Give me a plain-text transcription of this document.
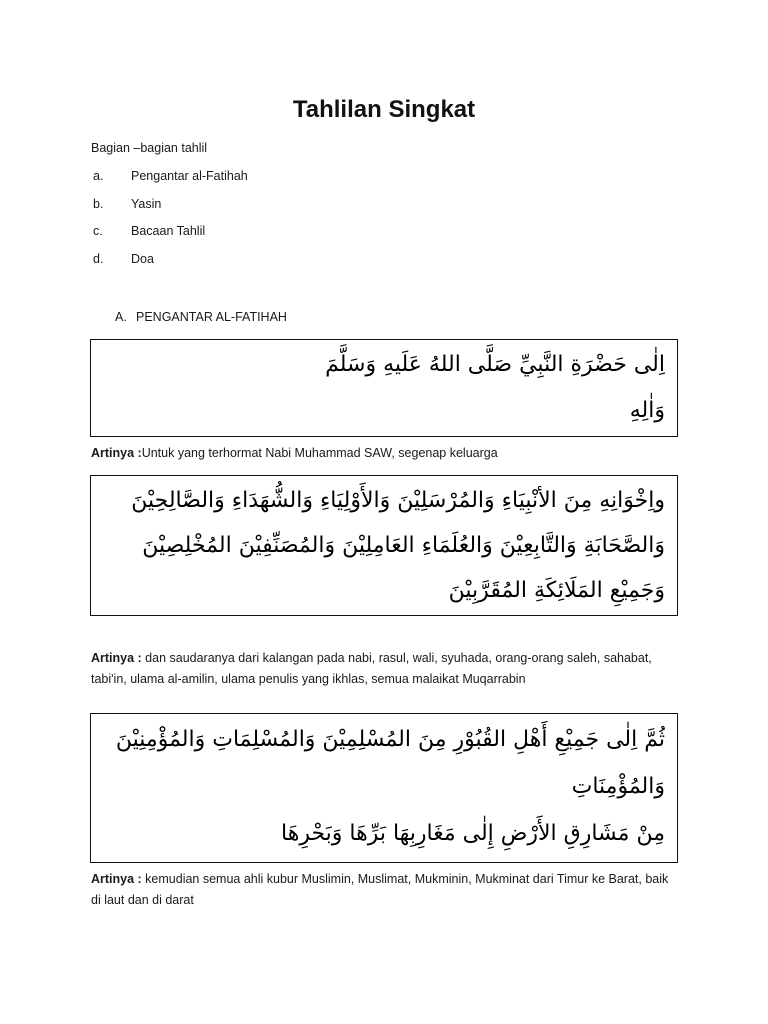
Tahlilan Singkat
Bagian –bagian tahlil
a. Pengantar al-Fatihah
b. Yasin
c. Bacaan Tahlil
d. Doa
A. PENGANTAR AL-FATIHAH
اِلٰى حَضْرَةِ النَّبِيِّ صَلَّى اللهُ عَلَيهِ وَسَلَّمَ
وَاٰلِهِ
Artinya :Untuk yang terhormat Nabi Muhammad SAW, segenap keluarga
واِخْوَانِهِ مِنَ الأنْبِيَاءِ وَالمُرْسَلِيْنَ وَالأَوْلِيَاءِ وَالشُّهَدَاءِ وَالصَّالِحِيْنَ
وَالصَّحَابَةِ وَالتَّابِعِيْنَ وَالعُلَمَاءِ العَامِلِيْنَ وَالمُصَنِّفِيْنَ المُخْلِصِيْنَ
وَجَمِيْعِ المَلَائِكَةِ المُقَرَّبِيْنَ
Artinya : dan saudaranya dari kalangan pada nabi, rasul, wali, syuhada, orang-orang saleh, sahabat, tabi'in, ulama al-amilin, ulama penulis yang ikhlas, semua malaikat Muqarrabin
ثُمَّ اِلٰى جَمِيْعِ أَهْلِ القُبُوْرِ مِنَ المُسْلِمِيْنَ وَالمُسْلِمَاتِ وَالمُؤْمِنِيْنَ
وَالمُؤْمِنَاتِ
مِنْ مَشَارِقِ الأَرْضِ إِلٰى مَغَارِبِهَا بَرِّهَا وَبَحْرِهَا
Artinya : kemudian semua ahli kubur Muslimin, Muslimat, Mukminin, Mukminat dari Timur ke Barat, baik di laut dan di darat
